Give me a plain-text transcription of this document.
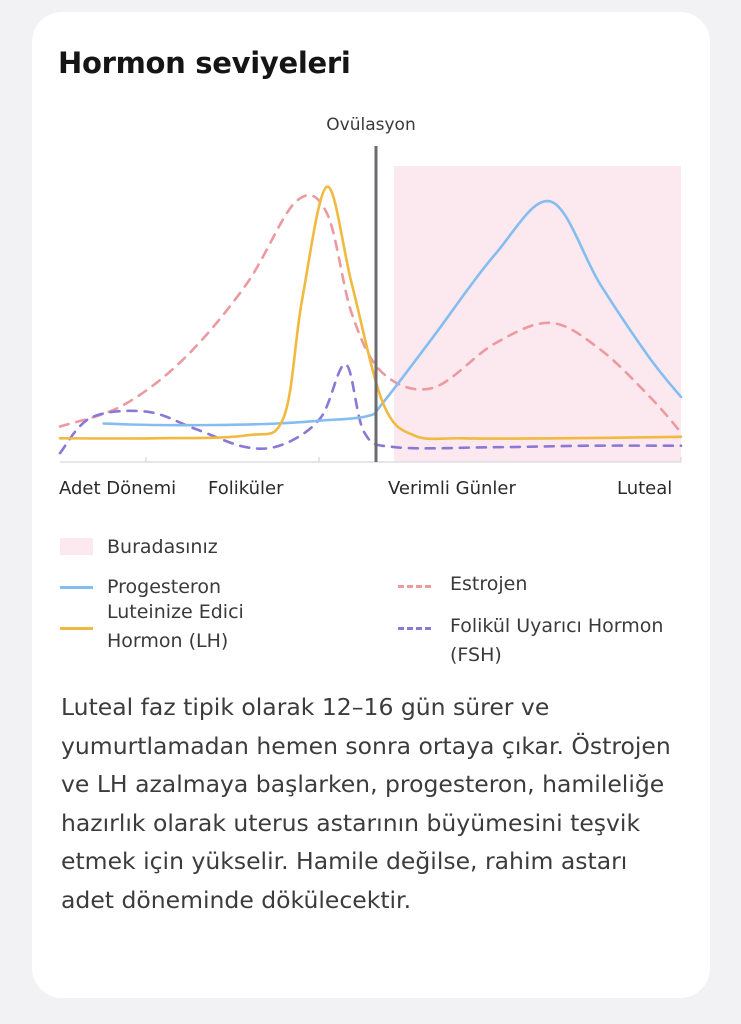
Hormon seviyeleri
Ovülasyon
Adet Dönemi Foliküler	Verimli Günler	Luteal
Buradasınız
Progesteron	Estrojen
Luteinize Edici
Hormon (LH)
Folikül Uyarıcı Hormon
(FSH)

Luteal faz tipik olarak 12–16 gün sürer ve yumurtlamadan hemen sonra ortaya çıkar. Östrojen ve LH azalmaya başlarken, progesteron, hamileliğe hazırlık olarak uterus astarının büyümesini teşvik etmek için yükselir. Hamile değilse, rahim astarı adet döneminde dökülecektir.
